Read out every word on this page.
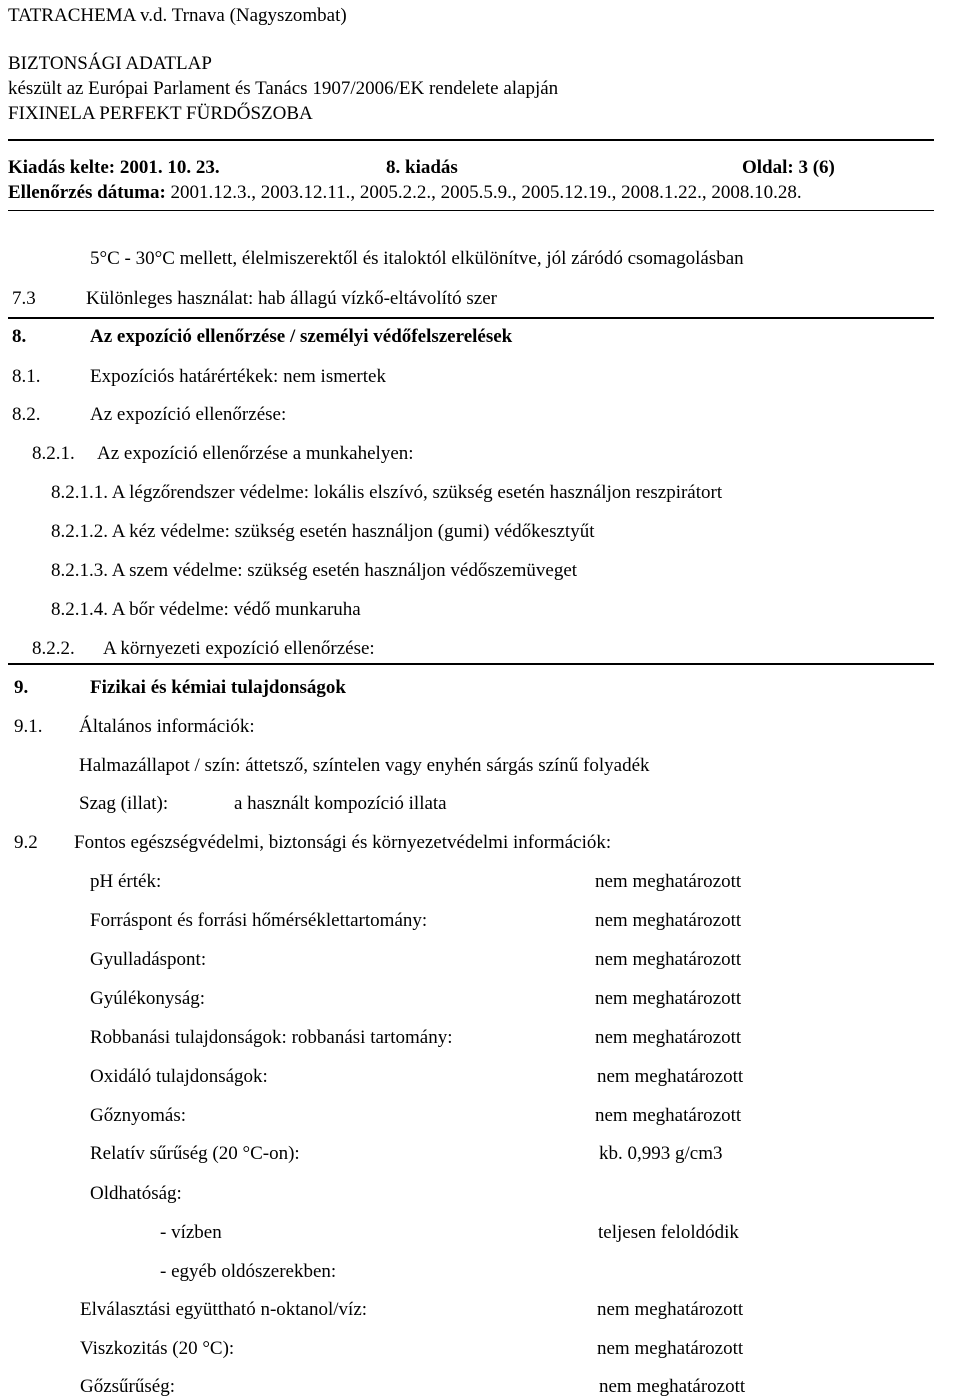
TATRACHEMA v.d. Trnava (Nagyszombat)
BIZTONSÁGI ADATLAP
készült az Európai Parlament és Tanács 1907/2006/EK rendelete alapján
FIXINELA PERFEKT FÜRDŐSZOBA
Kiadás kelte: 2001. 10. 23.	8. kiadás	Oldal: 3 (6)
Ellenőrzés dátuma: 2001.12.3., 2003.12.11., 2005.2.2., 2005.5.9., 2005.12.19., 2008.1.22., 2008.10.28.
5°C - 30°C mellett, élelmiszerektől és italoktól elkülönítve, jól záródó csomagolásban
7.3	Különleges használat: hab állagú vízkő-eltávolító szer
8.	Az expozíció ellenőrzése / személyi védőfelszerelések
8.1.	Expozíciós határértékek: nem ismertek
8.2.	Az expozíció ellenőrzése:
8.2.1. Az expozíció ellenőrzése a munkahelyen:
8.2.1.1. A légzőrendszer védelme: lokális elszívó, szükség esetén használjon reszpirátort
8.2.1.2. A kéz védelme: szükség esetén használjon (gumi) védőkesztyűt
8.2.1.3. A szem védelme: szükség esetén használjon védőszemüveget
8.2.1.4. A bőr védelme: védő munkaruha
8.2.2. A környezeti expozíció ellenőrzése:
9.	Fizikai és kémiai tulajdonságok
9.1. Általános információk:
Halmazállapot / szín: áttetsző, színtelen vagy enyhén sárgás színű folyadék
Szag (illat):	a használt kompozíció illata
9.2 Fontos egészségvédelmi, biztonsági és környezetvédelmi információk:
pH érték:	nem meghatározott
Forráspont és forrási hőmérséklettartomány:	nem meghatározott
Gyulladáspont:	nem meghatározott
Gyúlékonyság:	nem meghatározott
Robbanási tulajdonságok: robbanási tartomány:	nem meghatározott
Oxidáló tulajdonságok:	nem meghatározott
Gőznyomás:	nem meghatározott
Relatív sűrűség (20 °C-on):	kb. 0,993 g/cm3
Oldhatóság:
- vízben	teljesen feloldódik
- egyéb oldószerekben:
Elválasztási együttható n-oktanol/víz:	nem meghatározott
Viszkozitás (20 °C):	nem meghatározott
Gőzsűrűség:	nem meghatározott
